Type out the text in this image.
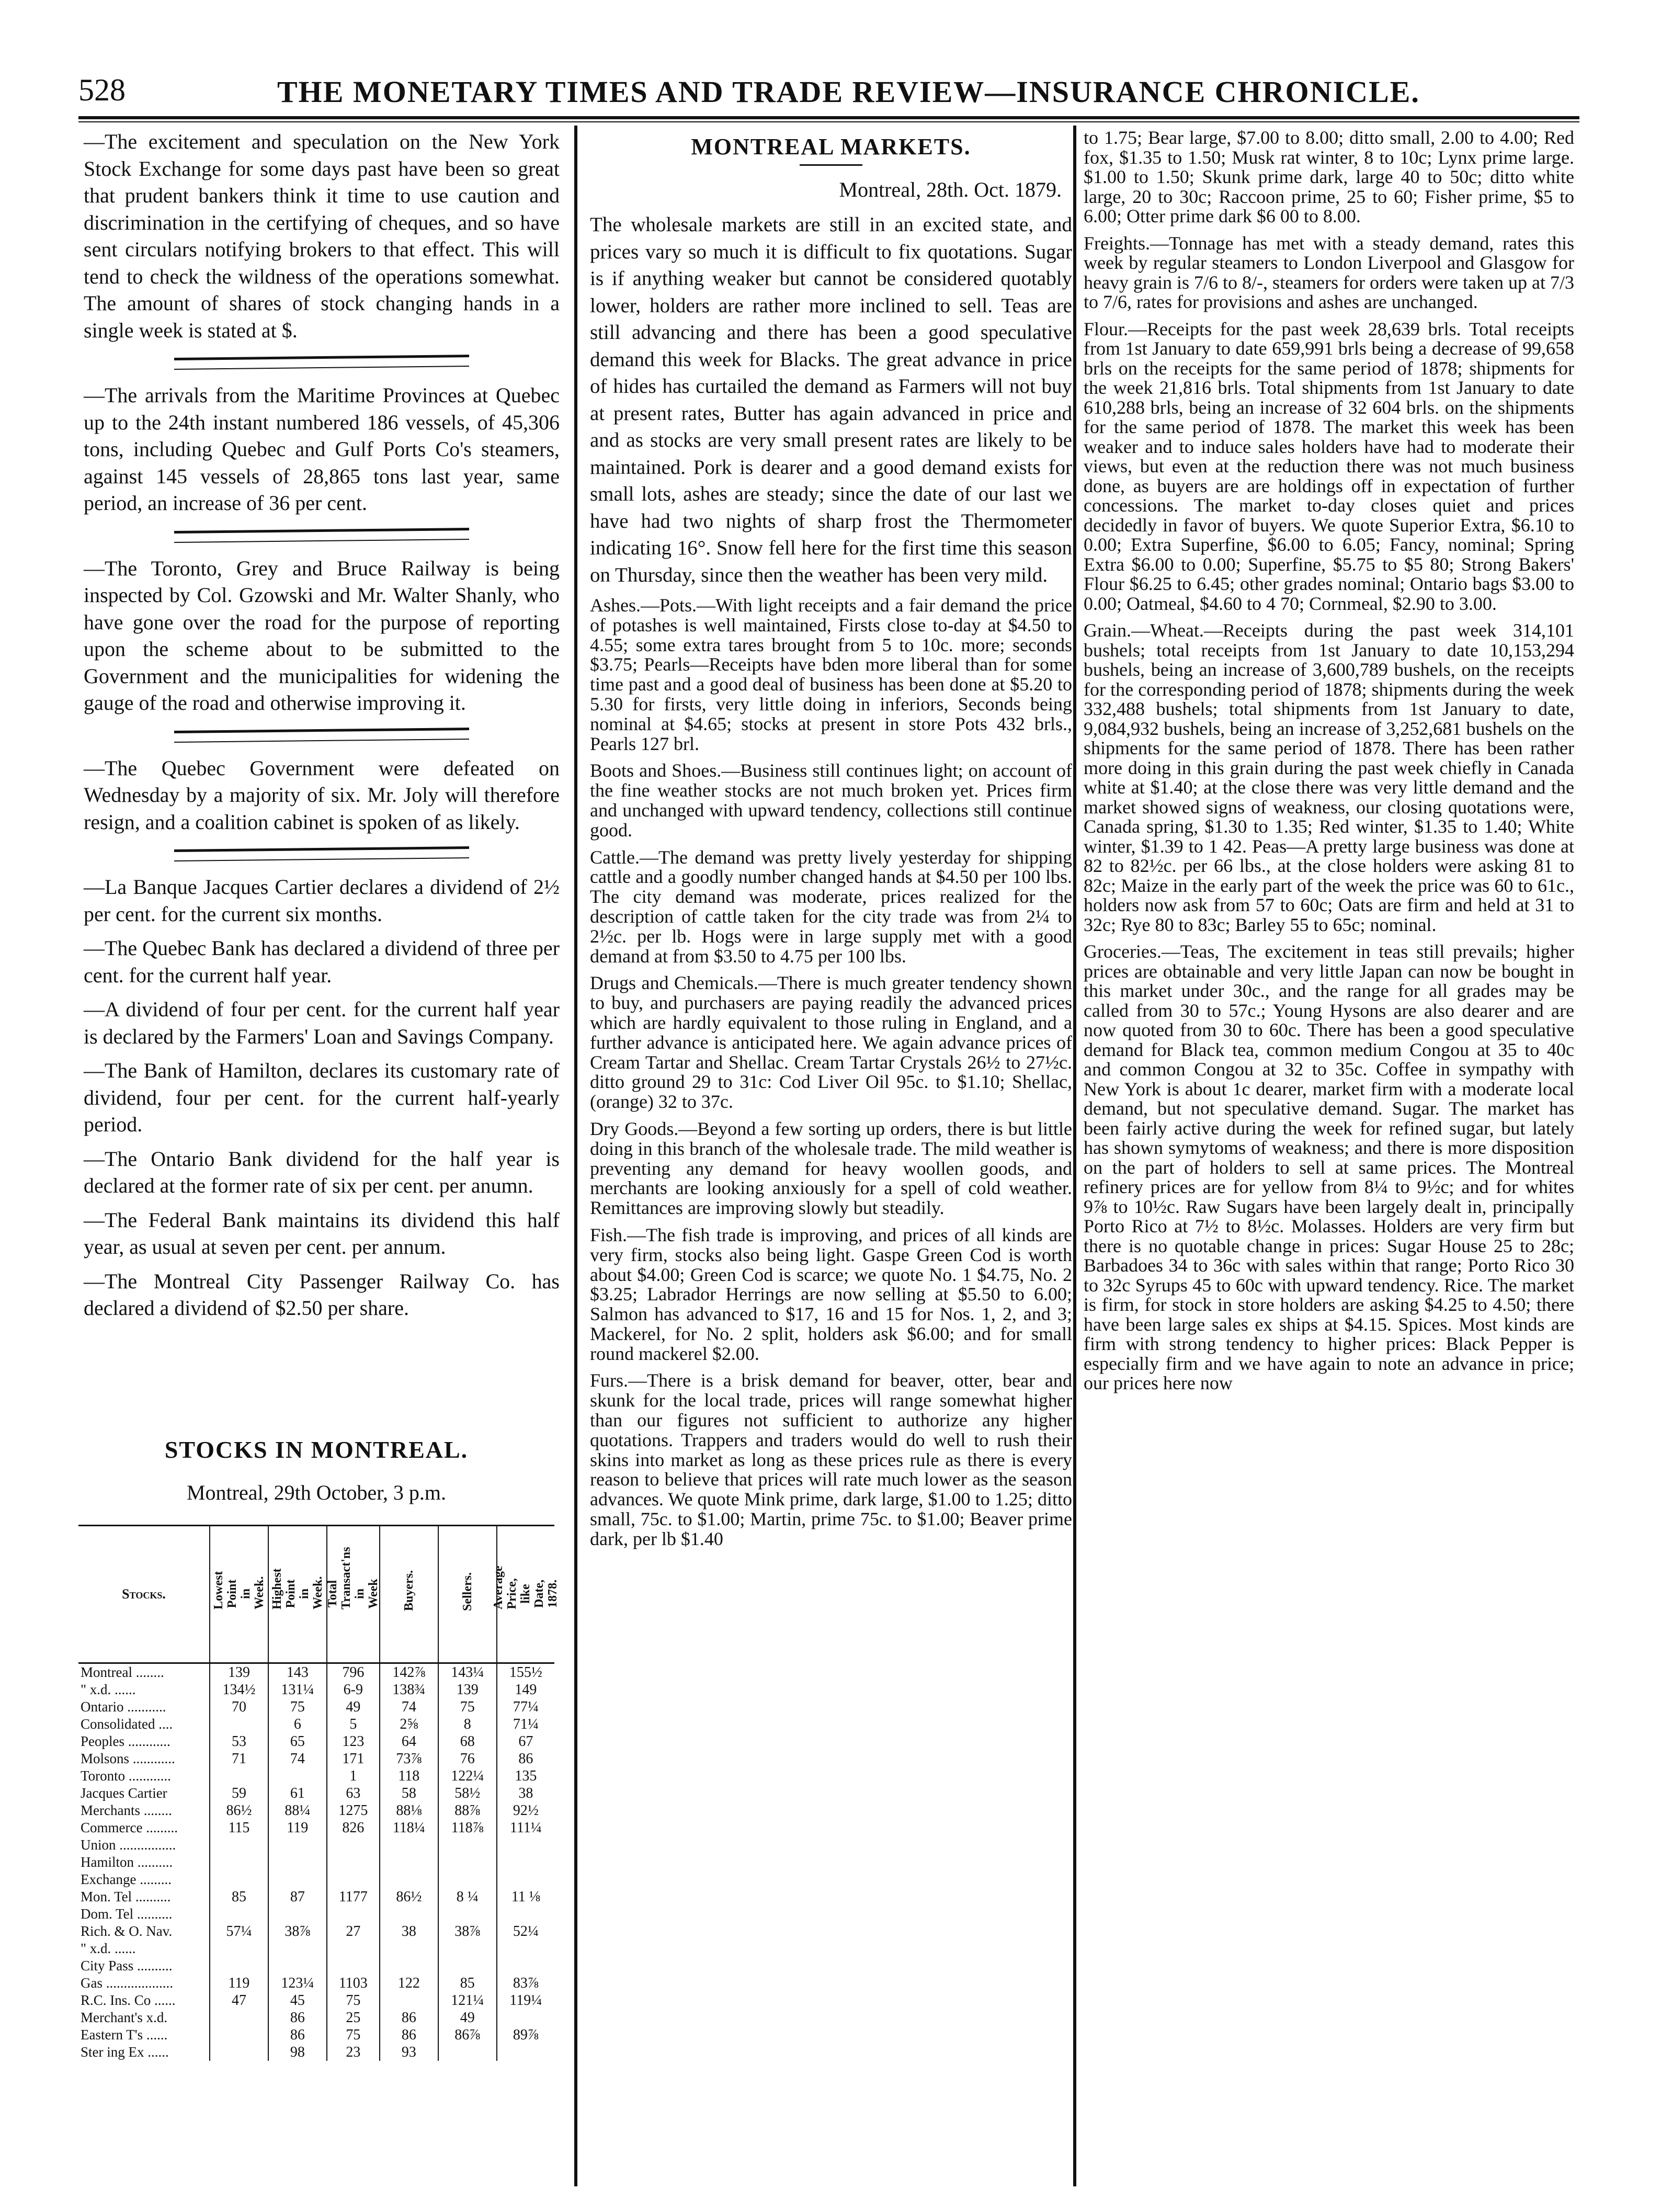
528	THE MONETARY TIMES AND TRADE REVIEW—INSURANCE CHRONICLE.

—The excitement and speculation on the New York Stock Exchange for some days past have been so great that prudent bankers think it time to use caution and discrimination in the certifying of cheques, and so have sent circulars notifying brokers to that effect. This will tend to check the wildness of the operations somewhat. The amount of shares of stock changing hands in a single week is stated at $.

—The arrivals from the Maritime Provinces at Quebec up to the 24th instant numbered 186 vessels, of 45,306 tons, including Quebec and Gulf Ports Co's steamers, against 145 vessels of 28,865 tons last year, same period, an increase of 36 per cent.

—The Toronto, Grey and Bruce Railway is being inspected by Col. Gzowski and Mr. Walter Shanly, who have gone over the road for the purpose of reporting upon the scheme about to be submitted to the Government and the municipalities for widening the gauge of the road and otherwise improving it.

—The Quebec Government were defeated on Wednesday by a majority of six. Mr. Joly will therefore resign, and a coalition cabinet is spoken of as likely.

—La Banque Jacques Cartier declares a dividend of 2½ per cent. for the current six months.

—The Quebec Bank has declared a dividend of three per cent. for the current half year.

—A dividend of four per cent. for the current half year is declared by the Farmers' Loan and Savings Company.

—The Bank of Hamilton, declares its customary rate of dividend, four per cent. for the current half-yearly period.

—The Ontario Bank dividend for the half year is declared at the former rate of six per cent. per anumn.

—The Federal Bank maintains its dividend this half year, as usual at seven per cent. per annum.

—The Montreal City Passenger Railway Co. has declared a dividend of $2.50 per share.

STOCKS IN MONTREAL.
Montreal, 29th October, 3 p.m.
Stocks.	Lowest Point in Week.	Highest Point in Week.	Total Transact'ns in Week	Buyers.	Sellers.	Average Price, like Date, 1878.
Montreal ........	139	143	796	142⅞	143¼	155½
" x.d. ......	134½	131¼	6-9	138¾	139	149
Ontario ...........	70	75	49	74	75	77¼
Consolidated ....		6	5	2⅝	8	71¼
Peoples ............	53	65	123	64	68	67
Molsons ............	71	74	171	73⅞	76	86
Toronto ............			1	118	122¼	135
Jacques Cartier	59	61	63	58	58½	38
Merchants ........	86½	88¼	1275	88⅛	88⅞	92½
Commerce .........	115	119	826	118¼	118⅞	111¼
Union ................						
Hamilton ..........						
Exchange .........						
Mon. Tel ..........	85	87	1177	86½	8 ¼	11 ⅛
Dom. Tel ..........						
Rich. & O. Nav.	57¼	38⅞	27	38	38⅞	52¼
" x.d. ......						
City Pass ..........						
Gas ...................	119	123¼	1103	122	85	83⅞
R.C. Ins. Co ......	47	45	75		121¼	119¼
Merchant's x.d.		86	25	86	49	
Eastern T's ......		86	75	86	86⅞	89⅞
Ster ing Ex ......		98	23	93		
MONTREAL MARKETS.
Montreal, 28th. Oct. 1879.

The wholesale markets are still in an excited state, and prices vary so much it is difficult to fix quotations. Sugar is if anything weaker but cannot be considered quotably lower, holders are rather more inclined to sell. Teas are still advancing and there has been a good speculative demand this week for Blacks. The great advance in price of hides has curtailed the demand as Farmers will not buy at present rates, Butter has again advanced in price and and as stocks are very small present rates are likely to be maintained. Pork is dearer and a good demand exists for small lots, ashes are steady; since the date of our last we have had two nights of sharp frost the Thermometer indicating 16°. Snow fell here for the first time this season on Thursday, since then the weather has been very mild.

Ashes.—Pots.—With light receipts and a fair demand the price of potashes is well maintained, Firsts close to-day at $4.50 to 4.55; some extra tares brought from 5 to 10c. more; seconds $3.75; Pearls—Receipts have bden more liberal than for some time past and a good deal of business has been done at $5.20 to 5.30 for firsts, very little doing in inferiors, Seconds being nominal at $4.65; stocks at present in store Pots 432 brls., Pearls 127 brl.

Boots and Shoes.—Business still continues light; on account of the fine weather stocks are not much broken yet. Prices firm and unchanged with upward tendency, collections still continue good.

Cattle.—The demand was pretty lively yesterday for shipping cattle and a goodly number changed hands at $4.50 per 100 lbs. The city demand was moderate, prices realized for the description of cattle taken for the city trade was from 2¼ to 2½c. per lb. Hogs were in large supply met with a good demand at from $3.50 to 4.75 per 100 lbs.

Drugs and Chemicals.—There is much greater tendency shown to buy, and purchasers are paying readily the advanced prices which are hardly equivalent to those ruling in England, and a further advance is anticipated here. We again advance prices of Cream Tartar and Shellac. Cream Tartar Crystals 26½ to 27½c. ditto ground 29 to 31c: Cod Liver Oil 95c. to $1.10; Shellac, (orange) 32 to 37c.

Dry Goods.—Beyond a few sorting up orders, there is but little doing in this branch of the wholesale trade. The mild weather is preventing any demand for heavy woollen goods, and merchants are looking anxiously for a spell of cold weather. Remittances are improving slowly but steadily.

Fish.—The fish trade is improving, and prices of all kinds are very firm, stocks also being light. Gaspe Green Cod is worth about $4.00; Green Cod is scarce; we quote No. 1 $4.75, No. 2 $3.25; Labrador Herrings are now selling at $5.50 to 6.00; Salmon has advanced to $17, 16 and 15 for Nos. 1, 2, and 3; Mackerel, for No. 2 split, holders ask $6.00; and for small round mackerel $2.00.

Furs.—There is a brisk demand for beaver, otter, bear and skunk for the local trade, prices will range somewhat higher than our figures not sufficient to authorize any higher quotations. Trappers and traders would do well to rush their skins into market as long as these prices rule as there is every reason to believe that prices will rate much lower as the season advances. We quote Mink prime, dark large, $1.00 to 1.25; ditto small, 75c. to $1.00; Martin, prime 75c. to $1.00; Beaver prime dark, per lb $1.40

to 1.75; Bear large, $7.00 to 8.00; ditto small, 2.00 to 4.00; Red fox, $1.35 to 1.50; Musk rat winter, 8 to 10c; Lynx prime large. $1.00 to 1.50; Skunk prime dark, large 40 to 50c; ditto white large, 20 to 30c; Raccoon prime, 25 to 60; Fisher prime, $5 to 6.00; Otter prime dark $6 00 to 8.00.

Freights.—Tonnage has met with a steady demand, rates this week by regular steamers to London Liverpool and Glasgow for heavy grain is 7/6 to 8/-, steamers for orders were taken up at 7/3 to 7/6, rates for provisions and ashes are unchanged.

Flour.—Receipts for the past week 28,639 brls. Total receipts from 1st January to date 659,991 brls being a decrease of 99,658 brls on the receipts for the same period of 1878; shipments for the week 21,816 brls. Total shipments from 1st January to date 610,288 brls, being an increase of 32 604 brls. on the shipments for the same period of 1878. The market this week has been weaker and to induce sales holders have had to moderate their views, but even at the reduction there was not much business done, as buyers are are holdings off in expectation of further concessions. The market to-day closes quiet and prices decidedly in favor of buyers. We quote Superior Extra, $6.10 to 0.00; Extra Superfine, $6.00 to 6.05; Fancy, nominal; Spring Extra $6.00 to 0.00; Superfine, $5.75 to $5 80; Strong Bakers' Flour $6.25 to 6.45; other grades nominal; Ontario bags $3.00 to 0.00; Oatmeal, $4.60 to 4 70; Cornmeal, $2.90 to 3.00.

Grain.—Wheat.—Receipts during the past week 314,101 bushels; total receipts from 1st January to date 10,153,294 bushels, being an increase of 3,600,789 bushels, on the receipts for the corresponding period of 1878; shipments during the week 332,488 bushels; total shipments from 1st January to date, 9,084,932 bushels, being an increase of 3,252,681 bushels on the shipments for the same period of 1878. There has been rather more doing in this grain during the past week chiefly in Canada white at $1.40; at the close there was very little demand and the market showed signs of weakness, our closing quotations were, Canada spring, $1.30 to 1.35; Red winter, $1.35 to 1.40; White winter, $1.39 to 1 42. Peas—A pretty large business was done at 82 to 82½c. per 66 lbs., at the close holders were asking 81 to 82c; Maize in the early part of the week the price was 60 to 61c., holders now ask from 57 to 60c; Oats are firm and held at 31 to 32c; Rye 80 to 83c; Barley 55 to 65c; nominal.

Groceries.—Teas, The excitement in teas still prevails; higher prices are obtainable and very little Japan can now be bought in this market under 30c., and the range for all grades may be called from 30 to 57c.; Young Hysons are also dearer and are now quoted from 30 to 60c. There has been a good speculative demand for Black tea, common medium Congou at 35 to 40c and common Congou at 32 to 35c. Coffee in sympathy with New York is about 1c dearer, market firm with a moderate local demand, but not speculative demand. Sugar. The market has been fairly active during the week for refined sugar, but lately has shown symytoms of weakness; and there is more disposition on the part of holders to sell at same prices. The Montreal refinery prices are for yellow from 8¼ to 9½c; and for whites 9⅞ to 10½c. Raw Sugars have been largely dealt in, principally Porto Rico at 7½ to 8½c. Molasses. Holders are very firm but there is no quotable change in prices: Sugar House 25 to 28c; Barbadoes 34 to 36c with sales within that range; Porto Rico 30 to 32c Syrups 45 to 60c with upward tendency. Rice. The market is firm, for stock in store holders are asking $4.25 to 4.50; there have been large sales ex ships at $4.15. Spices. Most kinds are firm with strong tendency to higher prices: Black Pepper is especially firm and we have again to note an advance in price; our prices here now
